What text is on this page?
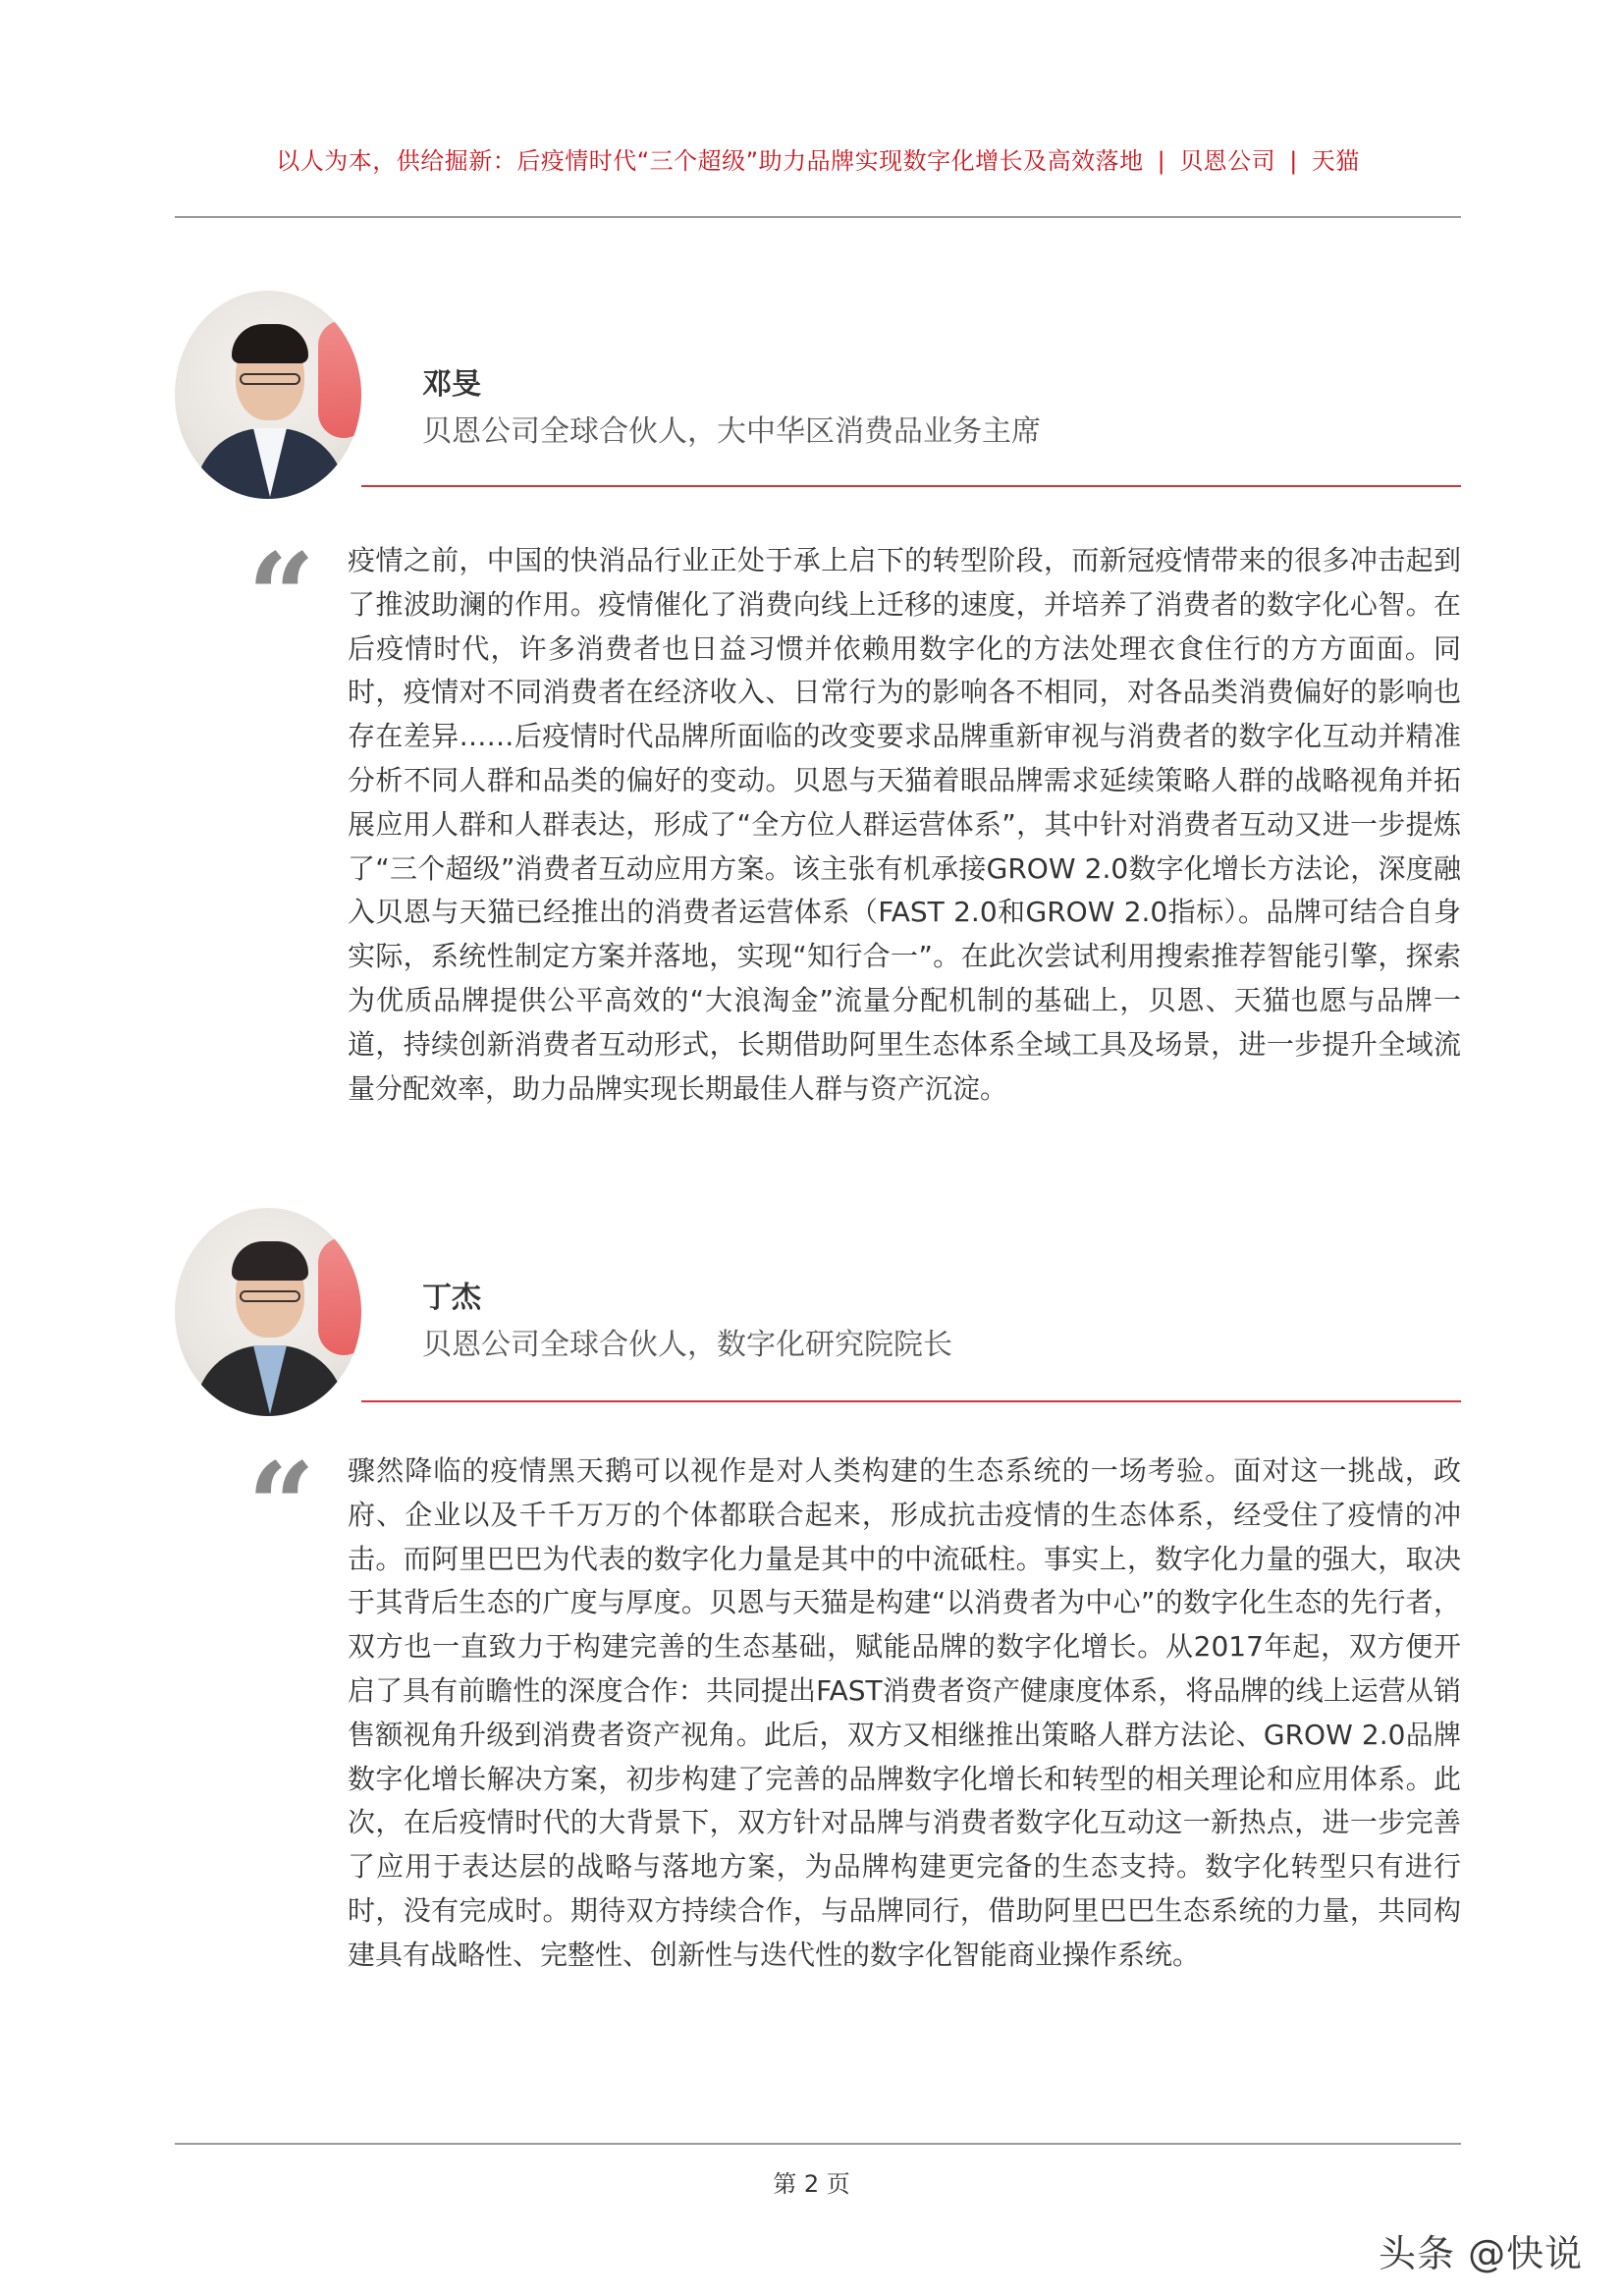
以人为本，供给掘新：后疫情时代“三个超级”助力品牌实现数字化增长及高效落地 | 贝恩公司 | 天猫
邓旻
贝恩公司全球合伙人，大中华区消费品业务主席
“ 疫情之前，中国的快消品行业正处于承上启下的转型阶段，而新冠疫情带来的很多冲击起到了推波助澜的作用。疫情催化了消费向线上迁移的速度，并培养了消费者的数字化心智。在后疫情时代，许多消费者也日益习惯并依赖用数字化的方法处理衣食住行的方方面面。同时，疫情对不同消费者在经济收入、日常行为的影响各不相同，对各品类消费偏好的影响也存在差异……后疫情时代品牌所面临的改变要求品牌重新审视与消费者的数字化互动并精准分析不同人群和品类的偏好的变动。贝恩与天猫着眼品牌需求延续策略人群的战略视角并拓展应用人群和人群表达，形成了“全方位人群运营体系”，其中针对消费者互动又进一步提炼了“三个超级”消费者互动应用方案。该主张有机承接GROW 2.0数字化增长方法论，深度融入贝恩与天猫已经推出的消费者运营体系（FAST 2.0和GROW 2.0指标）。品牌可结合自身实际，系统性制定方案并落地，实现“知行合一”。在此次尝试利用搜索推荐智能引擎，探索为优质品牌提供公平高效的“大浪淘金”流量分配机制的基础上，贝恩、天猫也愿与品牌一道，持续创新消费者互动形式，长期借助阿里生态体系全域工具及场景，进一步提升全域流量分配效率，助力品牌实现长期最佳人群与资产沉淀。
丁杰
贝恩公司全球合伙人，数字化研究院院长
“ 骤然降临的疫情黑天鹅可以视作是对人类构建的生态系统的一场考验。面对这一挑战，政府、企业以及千千万万的个体都联合起来，形成抗击疫情的生态体系，经受住了疫情的冲击。而阿里巴巴为代表的数字化力量是其中的中流砥柱。事实上，数字化力量的强大，取决于其背后生态的广度与厚度。贝恩与天猫是构建“以消费者为中心”的数字化生态的先行者，双方也一直致力于构建完善的生态基础，赋能品牌的数字化增长。从2017年起，双方便开启了具有前瞻性的深度合作：共同提出FAST消费者资产健康度体系，将品牌的线上运营从销售额视角升级到消费者资产视角。此后，双方又相继推出策略人群方法论、GROW 2.0品牌数字化增长解决方案，初步构建了完善的品牌数字化增长和转型的相关理论和应用体系。此次，在后疫情时代的大背景下，双方针对品牌与消费者数字化互动这一新热点，进一步完善了应用于表达层的战略与落地方案，为品牌构建更完备的生态支持。数字化转型只有进行时，没有完成时。期待双方持续合作，与品牌同行，借助阿里巴巴生态系统的力量，共同构建具有战略性、完整性、创新性与迭代性的数字化智能商业操作系统。
第 2 页
头条 @快说
